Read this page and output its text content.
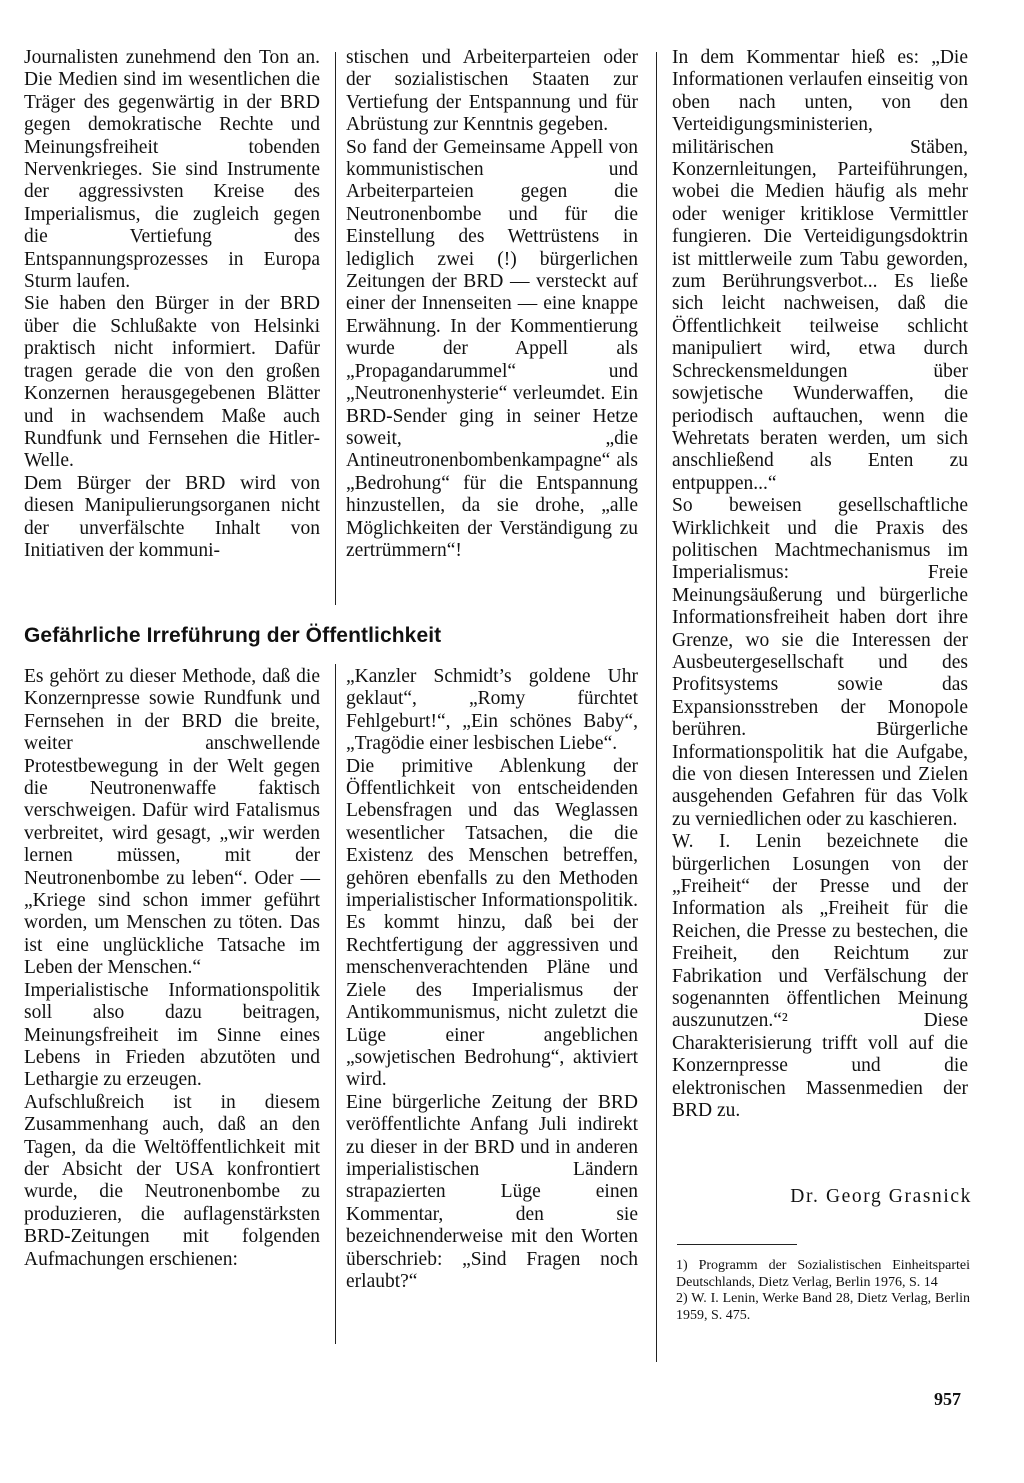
Journalisten zunehmend den Ton an. Die Medien sind im wesentlichen die Träger des gegenwärtig in der BRD gegen demokratische Rechte und Meinungsfreiheit tobenden Nervenkrieges. Sie sind Instrumente der aggressivsten Kreise des Imperialismus, die zugleich gegen die Vertiefung des Entspannungsprozesses in Europa Sturm laufen.

Sie haben den Bürger in der BRD über die Schlußakte von Helsinki praktisch nicht informiert. Dafür tragen gerade die von den großen Konzernen herausgegebenen Blätter und in wachsendem Maße auch Rundfunk und Fernsehen die Hitler-Welle.

Dem Bürger der BRD wird von diesen Manipulierungsorganen nicht der unverfälschte Inhalt von Initiativen der kommuni-

stischen und Arbeiterparteien oder der sozialistischen Staaten zur Vertiefung der Entspannung und für Abrüstung zur Kenntnis gegeben.

So fand der Gemeinsame Appell von kommunistischen und Arbeiterparteien gegen die Neutronenbombe und für die Einstellung des Wettrüstens in lediglich zwei (!) bürgerlichen Zeitungen der BRD — versteckt auf einer der Innenseiten — eine knappe Erwähnung. In der Kommentierung wurde der Appell als „Propagandarummel“ und „Neutronenhysterie“ verleumdet. Ein BRD-Sender ging in seiner Hetze soweit, „die Antineutronenbombenkampagne“ als „Bedrohung“ für die Entspannung hinzustellen, da sie drohe, „alle Möglichkeiten der Verständigung zu zertrümmern“!

Gefährliche Irreführung der Öffentlichkeit

Es gehört zu dieser Methode, daß die Konzernpresse sowie Rundfunk und Fernsehen in der BRD die breite, weiter anschwellende Protestbewegung in der Welt gegen die Neutronenwaffe faktisch verschweigen. Dafür wird Fatalismus verbreitet, wird gesagt, „wir werden lernen müssen, mit der Neutronenbombe zu leben“. Oder — „Kriege sind schon immer geführt worden, um Menschen zu töten. Das ist eine unglückliche Tatsache im Leben der Menschen.“

Imperialistische Informationspolitik soll also dazu beitragen, Meinungsfreiheit im Sinne eines Lebens in Frieden abzutöten und Lethargie zu erzeugen.

Aufschlußreich ist in diesem Zusammenhang auch, daß an den Tagen, da die Weltöffentlichkeit mit der Absicht der USA konfrontiert wurde, die Neutronenbombe zu produzieren, die auflagenstärksten BRD-Zeitungen mit folgenden Aufmachungen erschienen:

„Kanzler Schmidt’s goldene Uhr geklaut“, „Romy fürchtet Fehlgeburt!“, „Ein schönes Baby“, „Tragödie einer lesbischen Liebe“.

Die primitive Ablenkung der Öffentlichkeit von entscheidenden Lebensfragen und das Weglassen wesentlicher Tatsachen, die die Existenz des Menschen betreffen, gehören ebenfalls zu den Methoden imperialistischer Informationspolitik. Es kommt hinzu, daß bei der Rechtfertigung der aggressiven und menschenverachtenden Pläne und Ziele des Imperialismus der Antikommunismus, nicht zuletzt die Lüge einer angeblichen „sowjetischen Bedrohung“, aktiviert wird.

Eine bürgerliche Zeitung der BRD veröffentlichte Anfang Juli indirekt zu dieser in der BRD und in anderen imperialistischen Ländern strapazierten Lüge einen Kommentar, den sie bezeichnenderweise mit den Worten überschrieb: „Sind Fragen noch erlaubt?“

In dem Kommentar hieß es: „Die Informationen verlaufen einseitig von oben nach unten, von den Verteidigungsministerien, militärischen Stäben, Konzernleitungen, Parteiführungen, wobei die Medien häufig als mehr oder weniger kritiklose Vermittler fungieren. Die Verteidigungsdoktrin ist mittlerweile zum Tabu geworden, zum Berührungsverbot... Es ließe sich leicht nachweisen, daß die Öffentlichkeit teilweise schlicht manipuliert wird, etwa durch Schreckensmeldungen über sowjetische Wunderwaffen, die periodisch auftauchen, wenn die Wehretats beraten werden, um sich anschließend als Enten zu entpuppen...“

So beweisen gesellschaftliche Wirklichkeit und die Praxis des politischen Machtmechanismus im Imperialismus: Freie Meinungsäußerung und bürgerliche Informationsfreiheit haben dort ihre Grenze, wo sie die Interessen der Ausbeutergesellschaft und des Profitsystems sowie das Expansionsstreben der Monopole berühren. Bürgerliche Informationspolitik hat die Aufgabe, die von diesen Interessen und Zielen ausgehenden Gefahren für das Volk zu verniedlichen oder zu kaschieren.

W. I. Lenin bezeichnete die bürgerlichen Losungen von der „Freiheit“ der Presse und der Information als „Freiheit für die Reichen, die Presse zu bestechen, die Freiheit, den Reichtum zur Fabrikation und Verfälschung der sogenannten öffentlichen Meinung auszunutzen.“² Diese Charakterisierung trifft voll auf die Konzernpresse und die elektronischen Massenmedien der BRD zu.

Dr. Georg Grasnick

1) Programm der Sozialistischen Einheitspartei Deutschlands, Dietz Verlag, Berlin 1976, S. 14

2) W. I. Lenin, Werke Band 28, Dietz Verlag, Berlin 1959, S. 475.

957
